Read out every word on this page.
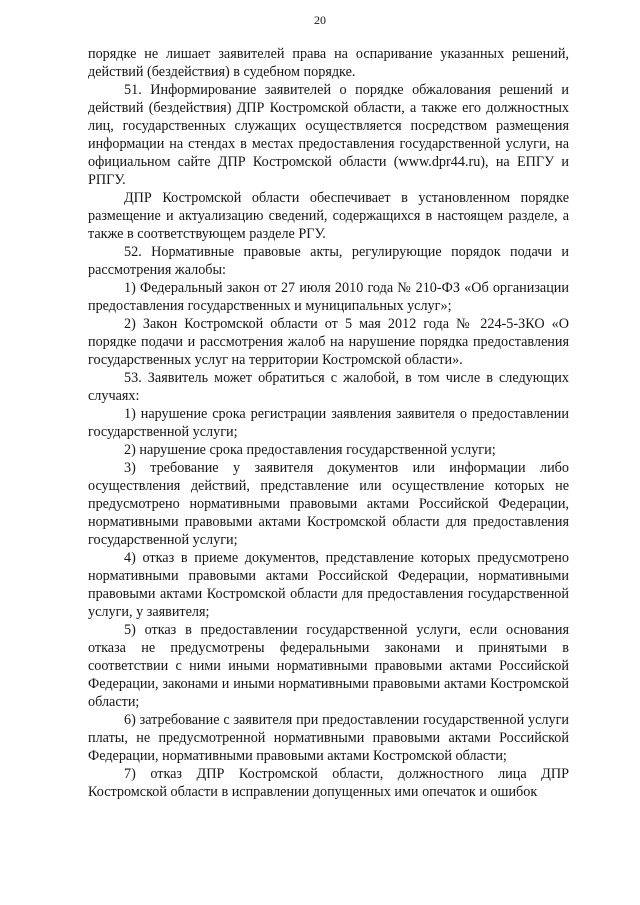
20

порядке не лишает заявителей права на оспаривание указанных решений, действий (бездействия) в судебном порядке.

51. Информирование заявителей о порядке обжалования решений и действий (бездействия) ДПР Костромской области, а также его должностных лиц, государственных служащих осуществляется посредством размещения информации на стендах в местах предоставления государственной услуги, на официальном сайте ДПР Костромской области (www.dpr44.ru), на ЕПГУ и РПГУ.

ДПР Костромской области обеспечивает в установленном порядке размещение и актуализацию сведений, содержащихся в настоящем разделе, а также в соответствующем разделе РГУ.

52. Нормативные правовые акты, регулирующие порядок подачи и рассмотрения жалобы:

1) Федеральный закон от 27 июля 2010 года № 210-ФЗ «Об организации предоставления государственных и муниципальных услуг»;

2) Закон Костромской области от 5 мая 2012 года № 224-5-ЗКО «О порядке подачи и рассмотрения жалоб на нарушение порядка предоставления государственных услуг на территории Костромской области».

53. Заявитель может обратиться с жалобой, в том числе в следующих случаях:

1) нарушение срока регистрации заявления заявителя о предоставлении государственной услуги;

2) нарушение срока предоставления государственной услуги;

3) требование у заявителя документов или информации либо осуществления действий, представление или осуществление которых не предусмотрено нормативными правовыми актами Российской Федерации, нормативными правовыми актами Костромской области для предоставления государственной услуги;

4) отказ в приеме документов, представление которых предусмотрено нормативными правовыми актами Российской Федерации, нормативными правовыми актами Костромской области для предоставления государственной услуги, у заявителя;

5) отказ в предоставлении государственной услуги, если основания отказа не предусмотрены федеральными законами и принятыми в соответствии с ними иными нормативными правовыми актами Российской Федерации, законами и иными нормативными правовыми актами Костромской области;

6) затребование с заявителя при предоставлении государственной услуги платы, не предусмотренной нормативными правовыми актами Российской Федерации, нормативными правовыми актами Костромской области;

7) отказ ДПР Костромской области, должностного лица ДПР Костромской области в исправлении допущенных ими опечаток и ошибок
